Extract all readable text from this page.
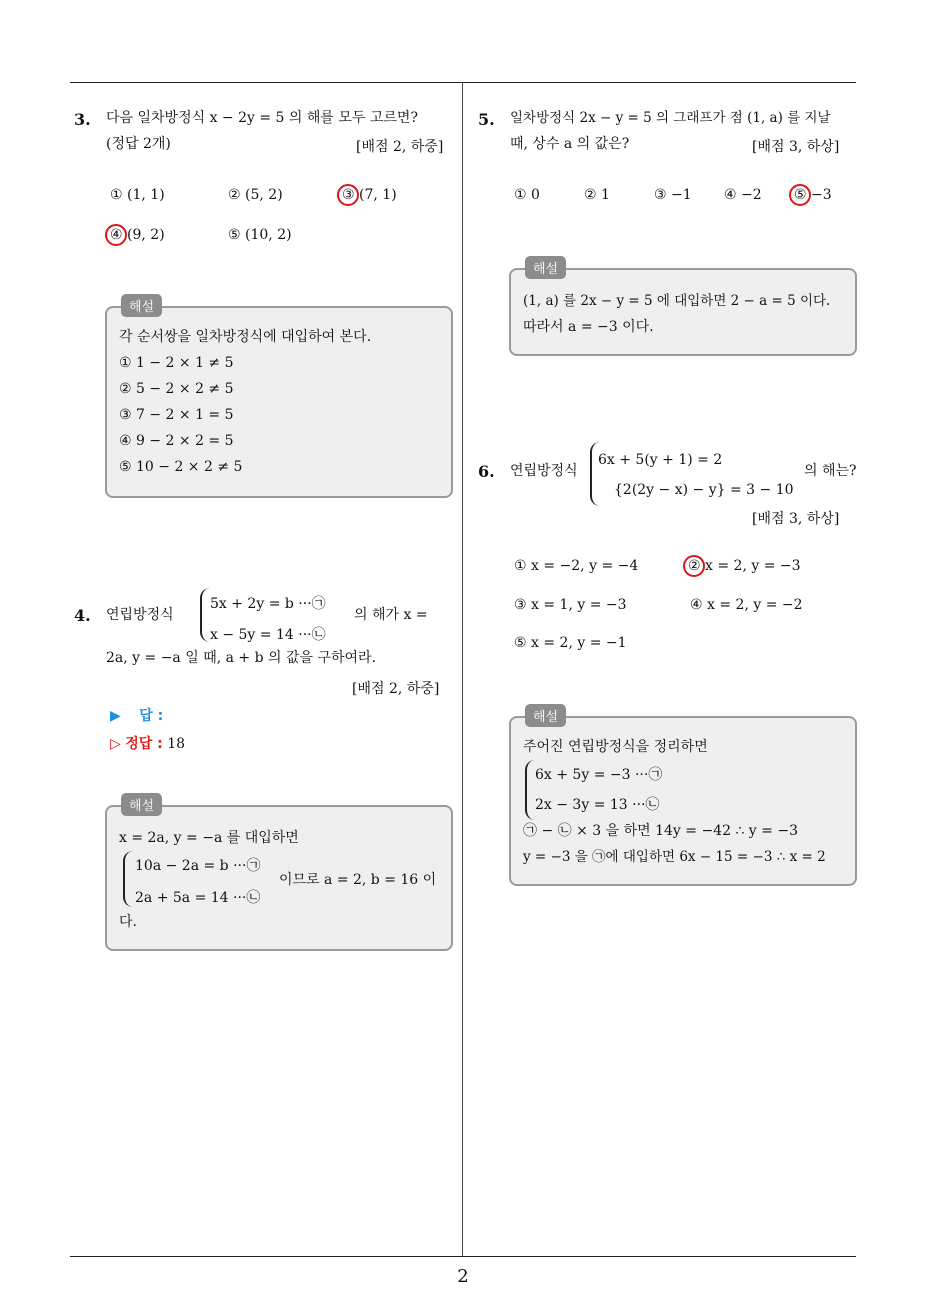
3. 다음 일차방정식 x − 2y = 5 의 해를 모두 고르면?
(정답 2개)	[배점 2, 하중]
① (1, 1)	② (5, 2)	③ (7, 1)
④ (9, 2)	⑤ (10, 2)
해설
각 순서쌍을 일차방정식에 대입하여 본다.
① 1 − 2 × 1 ≠ 5
② 5 − 2 × 2 ≠ 5
③ 7 − 2 × 1 = 5
④ 9 − 2 × 2 = 5
⑤ 10 − 2 × 2 ≠ 5
4. 연립방정식
5x + 2y = b ···㉠
x − 5y = 14 ···㉡
의 해가 x =
2a, y = −a 일 때, a + b 의 값을 구하여라.
[배점 2, 하중]
▶ 답 :
▷ 정답 : 18
해설
x = 2a, y = −a 를 대입하면
10a − 2a = b ···㉠
2a + 5a = 14 ···㉡
이므로 a = 2, b = 16 이
다.
5. 일차방정식 2x − y = 5 의 그래프가 점 (1, a) 를 지날
때, 상수 a 의 값은?	[배점 3, 하상]
① 0	② 1	③ −1 ④ −2 ⑤ −3
해설
(1, a) 를 2x − y = 5 에 대입하면 2 − a = 5 이다.
따라서 a = −3 이다.
6. 연립방정식
6x + 5(y + 1) = 2
{2(2y − x) − y} = 3 − 10
의 해는?
[배점 3, 하상]
① x = −2, y = −4	② x = 2, y = −3
③ x = 1, y = −3	④ x = 2, y = −2
⑤ x = 2, y = −1
해설
주어진 연립방정식을 정리하면
6x + 5y = −3 ···㉠
2x − 3y = 13 ···㉡
㉠ − ㉡ × 3 을 하면 14y = −42 ∴ y = −3
y = −3 을 ㉠에 대입하면 6x − 15 = −3 ∴ x = 2
2
